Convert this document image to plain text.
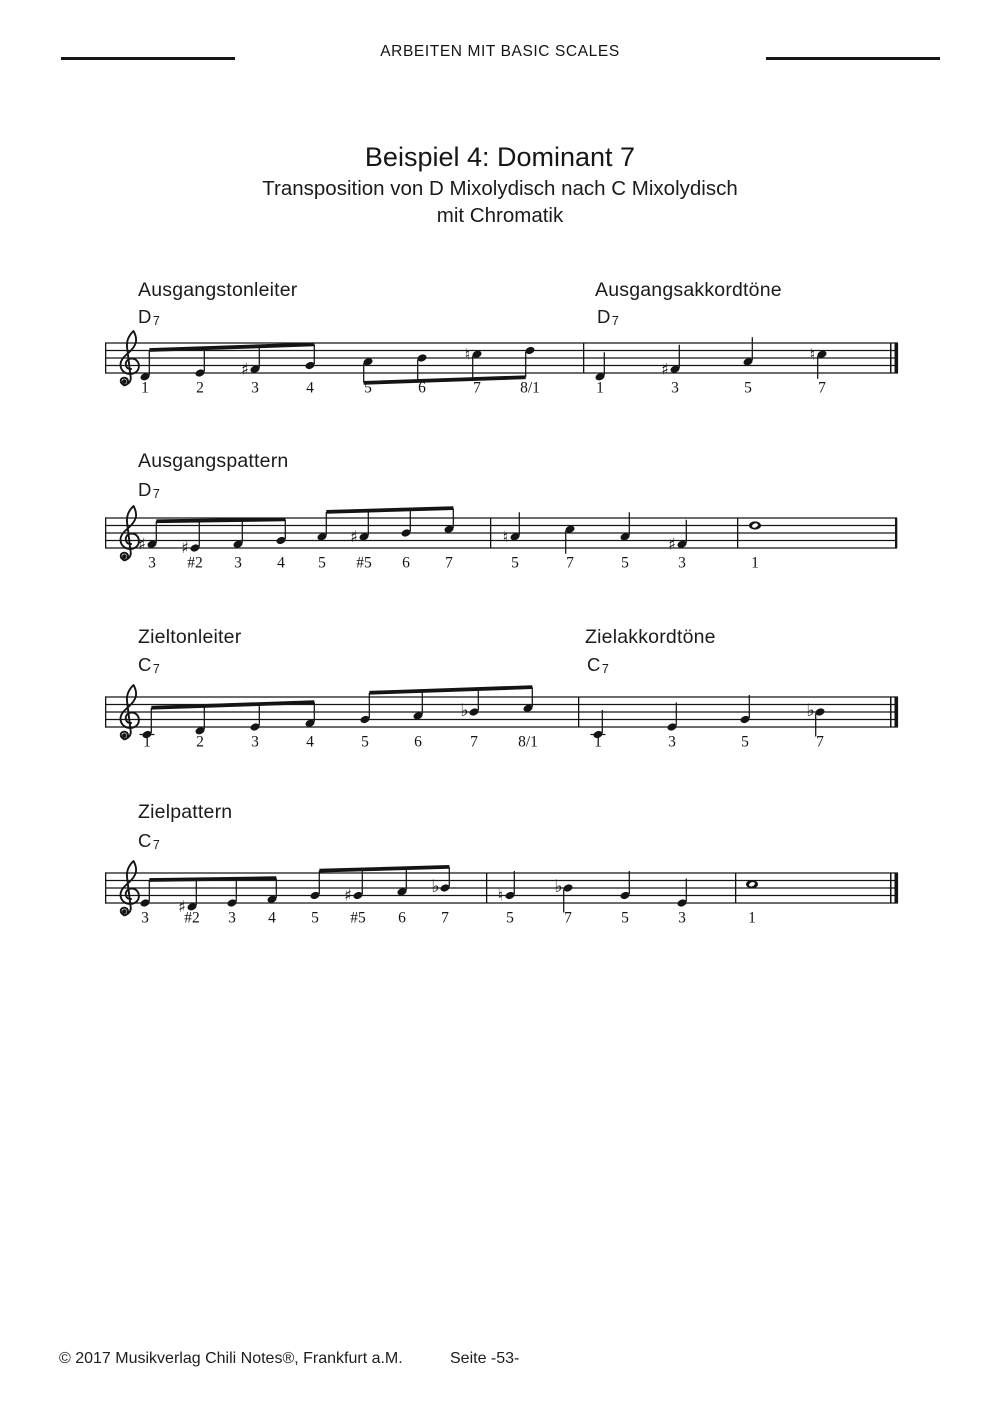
ARBEITEN MIT BASIC SCALES
Beispiel 4: Dominant 7
Transposition von D Mixolydisch nach C Mixolydisch
mit Chromatik
1	2
♯
3	4	5	6
♮
7	8/1	1
♯
3	5
♮
7
♯
3
♯
#2 3 4 5
♯
#5 6 7
♮
5	7	5
♯
3	1
1	2	3	4	5	6
♭
7	8/1	1	3	5
♭
7
3
♯
#2 3 4 5
♯
#5 6
♭
7
♮
5
♭
7	5	3	1
Ausgangstonleiter	Ausgangsakkordtöne
D 7	D 7
Ausgangspattern
D 7
Zieltonleiter	Zielakkordtöne
C 7	C 7
Zielpattern
C 7
© 2017 Musikverlag Chili Notes®, Frankfurt a.M.	Seite -53-
